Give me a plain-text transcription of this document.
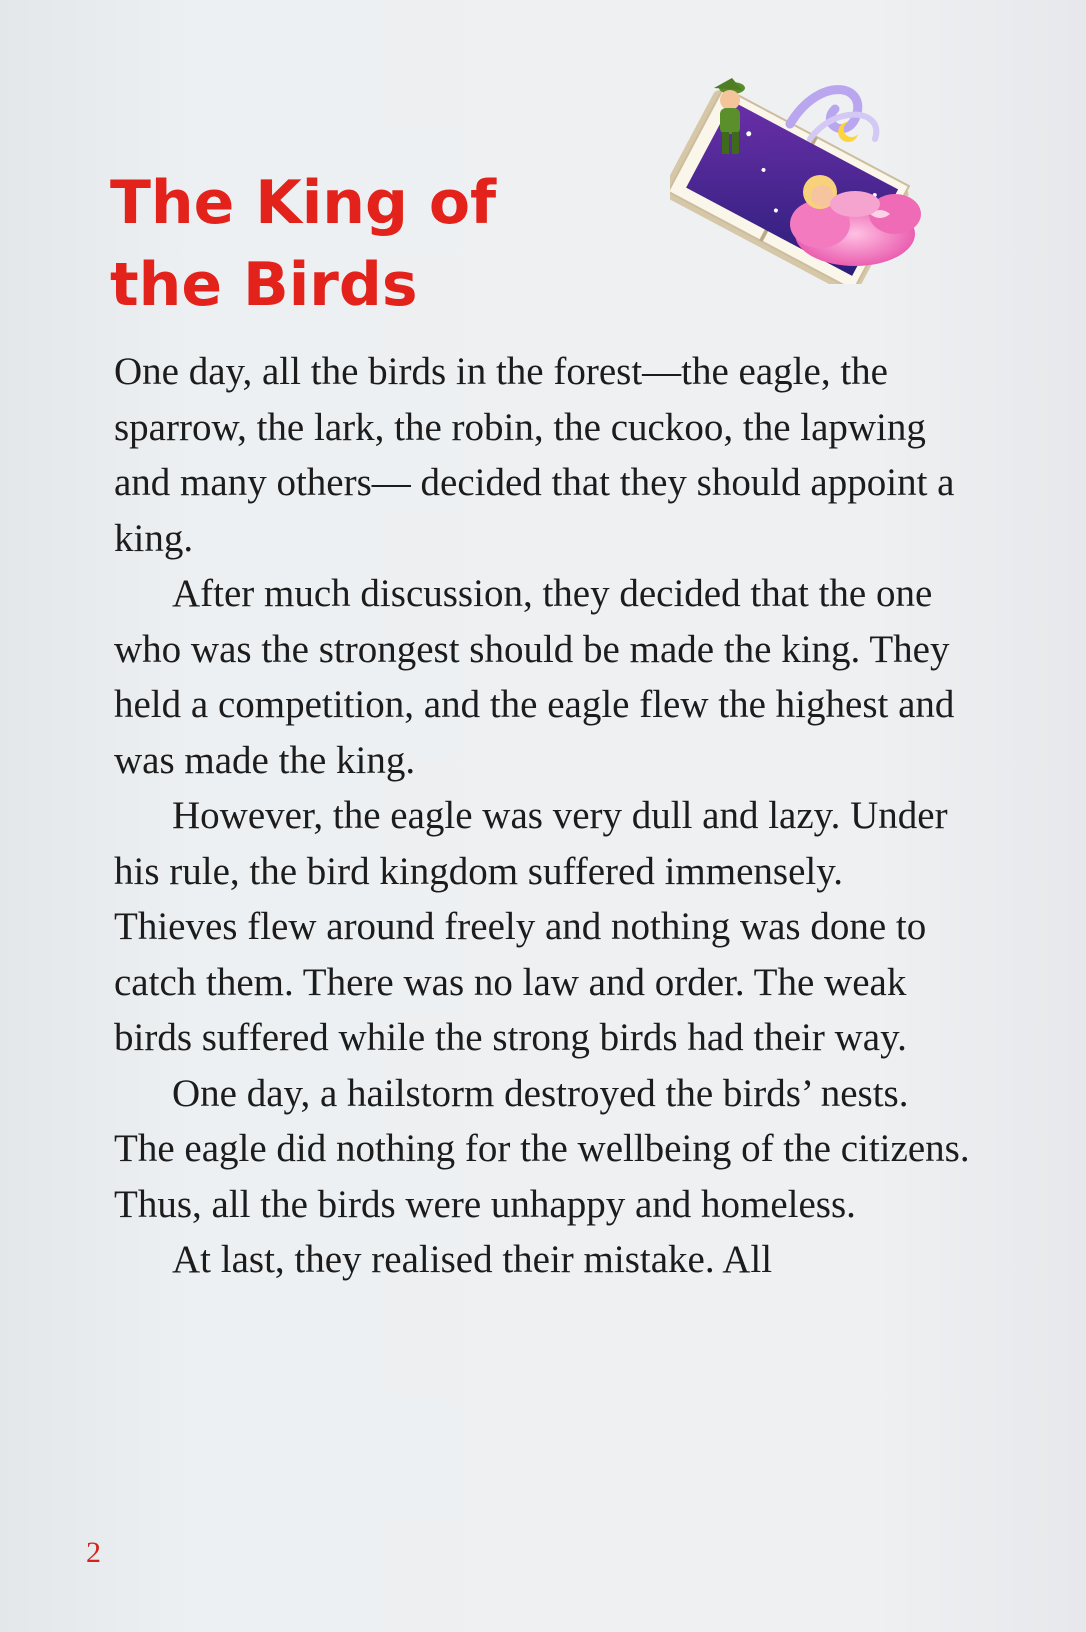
The King of
the Birds

One day, all the birds in the forest—the eagle, the sparrow, the lark, the robin, the cuckoo, the lapwing and many others— decided that they should appoint a king.

After much discussion, they decided that the one who was the strongest should be made the king. They held a competition, and the eagle flew the highest and was made the king.

However, the eagle was very dull and lazy. Under his rule, the bird kingdom suffered immensely. Thieves flew around freely and nothing was done to catch them. There was no law and order. The weak birds suffered while the strong birds had their way.

One day, a hailstorm destroyed the birds’ nests. The eagle did nothing for the wellbeing of the citizens. Thus, all the birds were unhappy and homeless.

At last, they realised their mistake. All

2
